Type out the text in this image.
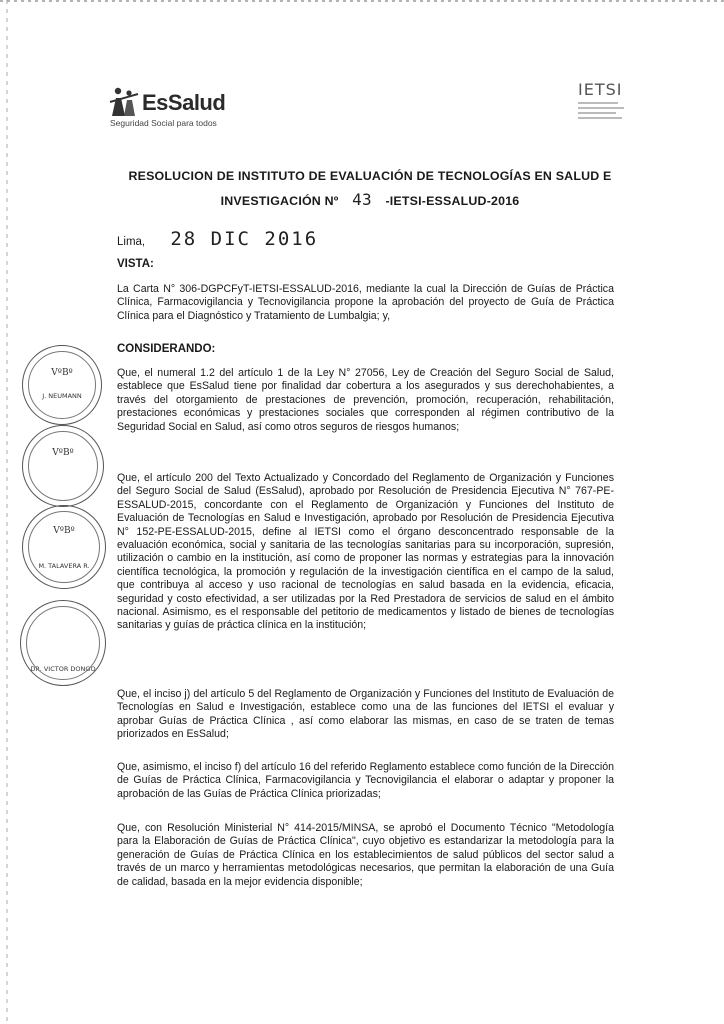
EsSalud
Seguridad Social para todos
IETSI
RESOLUCION DE INSTITUTO DE EVALUACIÓN DE TECNOLOGÍAS EN SALUD E
INVESTIGACIÓN Nº 43 -IETSI-ESSALUD-2016
Lima, 28 DIC 2016
VISTA:
La Carta N° 306-DGPCFyT-IETSI-ESSALUD-2016, mediante la cual la Dirección de Guías de Práctica Clínica, Farmacovigilancia y Tecnovigilancia propone la aprobación del proyecto de Guía de Práctica Clínica para el Diagnóstico y Tratamiento de Lumbalgia; y,
CONSIDERANDO:
Que, el numeral 1.2 del artículo 1 de la Ley N° 27056, Ley de Creación del Seguro Social de Salud, establece que EsSalud tiene por finalidad dar cobertura a los asegurados y sus derechohabientes, a través del otorgamiento de prestaciones de prevención, promoción, recuperación, rehabilitación, prestaciones económicas y prestaciones sociales que corresponden al régimen contributivo de la Seguridad Social en Salud, así como otros seguros de riesgos humanos;
Que, el artículo 200 del Texto Actualizado y Concordado del Reglamento de Organización y Funciones del Seguro Social de Salud (EsSalud), aprobado por Resolución de Presidencia Ejecutiva N° 767-PE-ESSALUD-2015, concordante con el Reglamento de Organización y Funciones del Instituto de Evaluación de Tecnologías en Salud e Investigación, aprobado por Resolución de Presidencia Ejecutiva N° 152-PE-ESSALUD-2015, define al IETSI como el órgano desconcentrado responsable de la evaluación económica, social y sanitaria de las tecnologías sanitarias para su incorporación, supresión, utilización o cambio en la institución, así como de proponer las normas y estrategias para la innovación científica tecnológica, la promoción y regulación de la investigación científica en el campo de la salud, que contribuya al acceso y uso racional de tecnologías en salud basada en la evidencia, eficacia, seguridad y costo efectividad, a ser utilizadas por la Red Prestadora de servicios de salud en el ámbito nacional. Asimismo, es el responsable del petitorio de medicamentos y listado de bienes de tecnologías sanitarias y guías de práctica clínica en la institución;
Que, el inciso j) del artículo 5 del Reglamento de Organización y Funciones del Instituto de Evaluación de Tecnologías en Salud e Investigación, establece como una de las funciones del IETSI el evaluar y aprobar Guías de Práctica Clínica , así como elaborar las mismas, en caso de se traten de temas priorizados en EsSalud;
Que, asimismo, el inciso f) del artículo 16 del referido Reglamento establece como función de la Dirección de Guías de Práctica Clínica, Farmacovigilancia y Tecnovigilancia el elaborar o adaptar y proponer la aprobación de las Guías de Práctica Clínica priorizadas;
Que, con Resolución Ministerial N° 414-2015/MINSA, se aprobó el Documento Técnico "Metodología para la Elaboración de Guías de Práctica Clínica", cuyo objetivo es estandarizar la metodología para la generación de Guías de Práctica Clínica en los establecimientos de salud públicos del sector salud a través de un marco y herramientas metodológicas necesarios, que permitan la elaboración de una Guía de calidad, basada en la mejor evidencia disponible;
VºBº
J. NEUMANN
VºBº
VºBº
M. TALAVERA R.
DR. VICTOR DONGO
